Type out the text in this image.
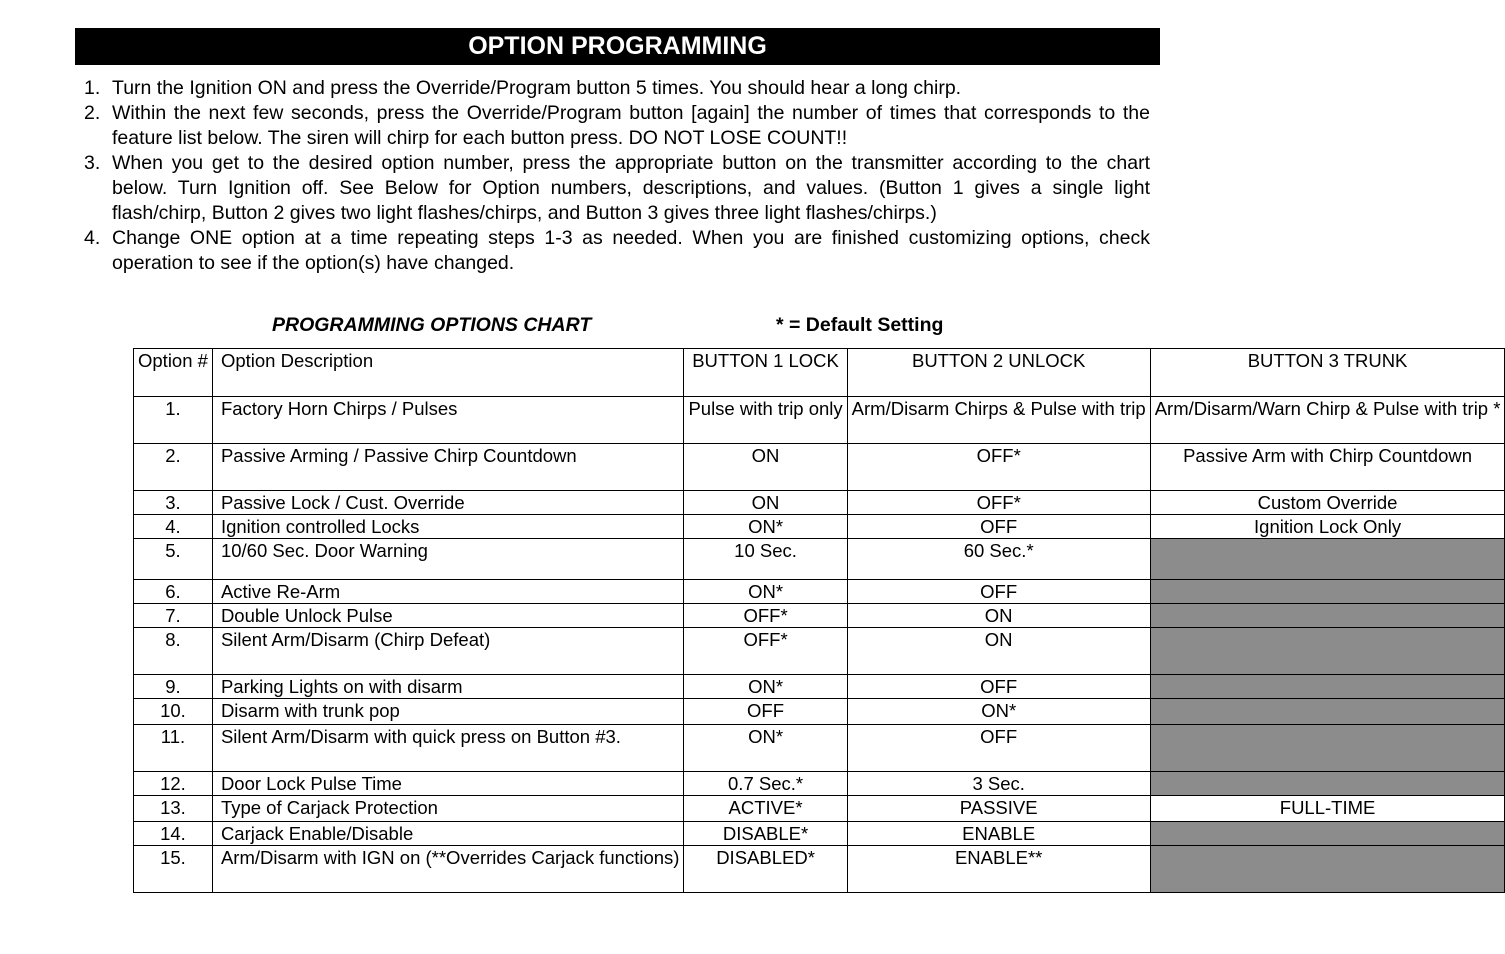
OPTION PROGRAMMING
1. Turn the Ignition ON and press the Override/Program button 5 times. You should hear a long chirp.
2. Within the next few seconds, press the Override/Program button [again] the number of times that corresponds to the feature list below. The siren will chirp for each button press. DO NOT LOSE COUNT!!
3. When you get to the desired option number, press the appropriate button on the transmitter according to the chart below. Turn Ignition off. See Below for Option numbers, descriptions, and values. (Button 1 gives a single light flash/chirp, Button 2 gives two light flashes/chirps, and Button 3 gives three light flashes/chirps.)
4. Change ONE option at a time repeating steps 1-3 as needed. When you are finished customizing options, check operation to see if the option(s) have changed.
PROGRAMMING OPTIONS CHART	* = Default Setting
Option #	Option Description	BUTTON 1 LOCK	BUTTON 2 UNLOCK	BUTTON 3 TRUNK
1.	Factory Horn Chirps / Pulses	Pulse with trip only	Arm/Disarm Chirps & Pulse with trip	Arm/Disarm/Warn Chirp & Pulse with trip *
2.	Passive Arming / Passive Chirp Countdown	ON	OFF*	Passive Arm with Chirp Countdown
3.	Passive Lock / Cust. Override	ON	OFF*	Custom Override
4.	Ignition controlled Locks	ON*	OFF	Ignition Lock Only
5.	10/60 Sec. Door Warning	10 Sec.	60 Sec.*	
6.	Active Re-Arm	ON*	OFF	
7.	Double Unlock Pulse	OFF*	ON	
8.	Silent Arm/Disarm (Chirp Defeat)	OFF*	ON	
9.	Parking Lights on with disarm	ON*	OFF	
10.	Disarm with trunk pop	OFF	ON*	
11.	Silent Arm/Disarm with quick press on Button #3.	ON*	OFF	
12.	Door Lock Pulse Time	0.7 Sec.*	3 Sec.	
13.	Type of Carjack Protection	ACTIVE*	PASSIVE	FULL-TIME
14.	Carjack Enable/Disable	DISABLE*	ENABLE	
15.	Arm/Disarm with IGN on (**Overrides Carjack functions)	DISABLED*	ENABLE**	
